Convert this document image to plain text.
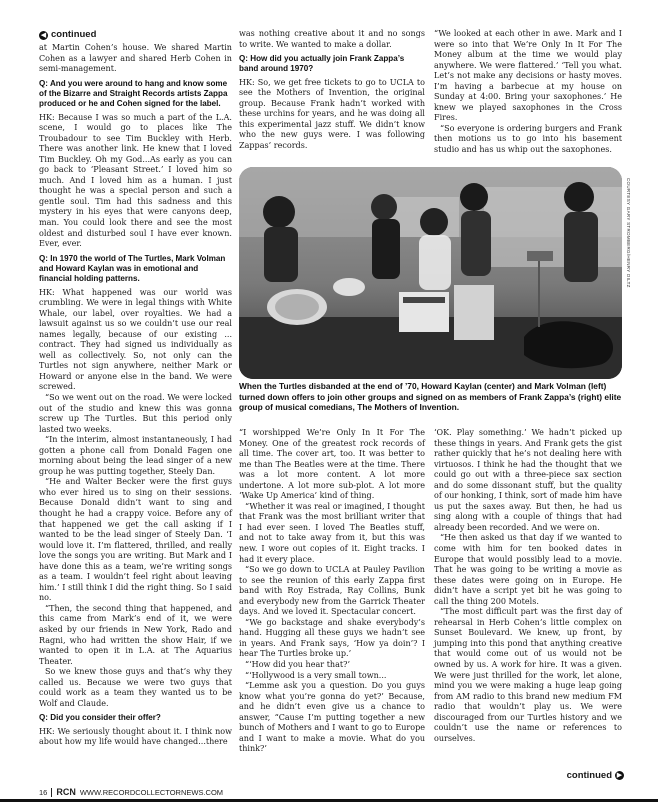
◀ continued

at Martin Cohen’s house. We shared Martin Cohen as a lawyer and shared Herb Cohen in semi-management.

Q: And you were around to hang and know some of the Bizarre and Straight Records artists Zappa produced or he and Cohen signed for the label.

HK: Because I was so much a part of the L.A. scene, I would go to places like The Troubadour to see Tim Buckley with Herb. There was another link. He knew that I loved Tim Buckley. Oh my God...As early as you can go back to ‘Pleasant Street.’ I loved him so much. And I loved him as a human. I just thought he was a special person and such a gentle soul. Tim had this sadness and this mystery in his eyes that were canyons deep, man. You could look there and see the most oldest and disturbed soul I have ever known. Ever, ever.

Q: In 1970 the world of The Turtles, Mark Volman and Howard Kaylan was in emotional and financial holding patterns.

HK: What happened was our world was crumbling. We were in legal things with White Whale, our label, over royalties. We had a lawsuit against us so we couldn’t use our real names legally, because of our existing ... contract. They had signed us individually as well as collectively. So, not only can the Turtles not sign anywhere, neither Mark or Howard or anyone else in the band. We were screwed.

“So we went out on the road. We were locked out of the studio and knew this was gonna screw up The Turtles. But this period only lasted two weeks.

“In the interim, almost instantaneously, I had gotten a phone call from Donald Fagen one morning about being the lead singer of a new group he was putting together, Steely Dan.

“He and Walter Becker were the first guys who ever hired us to sing on their sessions. Because Donald didn’t want to sing and thought he had a crappy voice. Before any of that happened we get the call asking if I wanted to be the lead singer of Steely Dan. ‘I would love it. I’m flattered, thrilled, and really love the songs you are writing. But Mark and I have done this as a team, we’re writing songs as a team. I wouldn’t feel right about leaving him.’ I still think I did the right thing. So I said no.

“Then, the second thing that happened, and this came from Mark’s end of it, we were asked by our friends in New York, Rado and Ragni, who had written the show Hair, if we wanted to open it in L.A. at The Aquarius Theater.

So we knew those guys and that’s why they called us. Because we were two guys that could work as a team they wanted us to be Wolf and Claude.

Q: Did you consider their offer?

HK: We seriously thought about it. I think now about how my life would have changed...there

was nothing creative about it and no songs to write. We wanted to make a dollar.

Q: How did you actually join Frank Zappa’s band around 1970?

HK: So, we get free tickets to go to UCLA to see the Mothers of Invention, the original group. Because Frank hadn’t worked with these urchins for years, and he was doing all this experimental jazz stuff. We didn’t know who the new guys were. I was following Zappas’ records.

“We looked at each other in awe. Mark and I were so into that We’re Only In It For The Money album at the time we would play anywhere. We were flattered.’ ‘Tell you what. Let’s not make any decisions or hasty moves. I’m having a barbecue at my house on Sunday at 4:00. Bring your saxophones.’ He knew we played saxophones in the Cross Fires.

“So everyone is ordering burgers and Frank then motions us to go into his basement studio and has us whip out the saxophones.

COURTESY GARY STROMBERG/HENRY DILTZ

When the Turtles disbanded at the end of ’70, Howard Kaylan (center) and Mark Volman (left) turned down offers to join other groups and signed on as members of Frank Zappa’s (right) elite group of musical comedians, The Mothers of Invention.

“I worshipped We’re Only In It For The Money. One of the greatest rock records of all time. The cover art, too. It was better to me than The Beatles were at the time. There was a lot more content. A lot more undertone. A lot more sub-plot. A lot more ‘Wake Up America’ kind of thing.

“Whether it was real or imagined, I thought that Frank was the most brilliant writer that I had ever seen. I loved The Beatles stuff, and not to take away from it, but this was new. I wore out copies of it. Eight tracks. I had it every place.

“So we go down to UCLA at Pauley Pavilion to see the reunion of this early Zappa first band with Roy Estrada, Ray Collins, Bunk and everybody new from the Garrick Theater days. And we loved it. Spectacular concert.

“We go backstage and shake everybody’s hand. Hugging all these guys we hadn’t see in years. And Frank says, ‘How ya doin’? I hear The Turtles broke up.’

“‘How did you hear that?’

“‘Hollywood is a very small town...

“Lemme ask you a question. Do you guys know what you’re gonna do yet?’ Because, and he didn’t even give us a chance to answer, “Cause I’m putting together a new bunch of Mothers and I want to go to Europe and I want to make a movie. What do you think?’

‘OK. Play something.’ We hadn’t picked up these things in years. And Frank gets the gist rather quickly that he’s not dealing here with virtuosos. I think he had the thought that we could go out with a three-piece sax section and do some dissonant stuff, but the quality of our honking, I think, sort of made him have us put the saxes away. But then, he had us sing along with a couple of things that had already been recorded. And we were on.

“He then asked us that day if we wanted to come with him for ten booked dates in Europe that would possibly lead to a movie. That he was going to be writing a movie as these dates were going on in Europe. He didn’t have a script yet bit he was going to call the thing 200 Motels.

“The most difficult part was the first day of rehearsal in Herb Cohen’s little complex on Sunset Boulevard. We knew, up front, by jumping into this pond that anything creative that would come out of us would not be owned by us. A work for hire. It was a given. We were just thrilled for the work, let alone, mind you we were making a huge leap going from AM radio to this brand new medium FM radio that wouldn’t play us. We were discouraged from our Turtles history and we couldn’t use the name or references to ourselves.

continued ▶
16 RCN WWW.RECORDCOLLECTORNEWS.COM
